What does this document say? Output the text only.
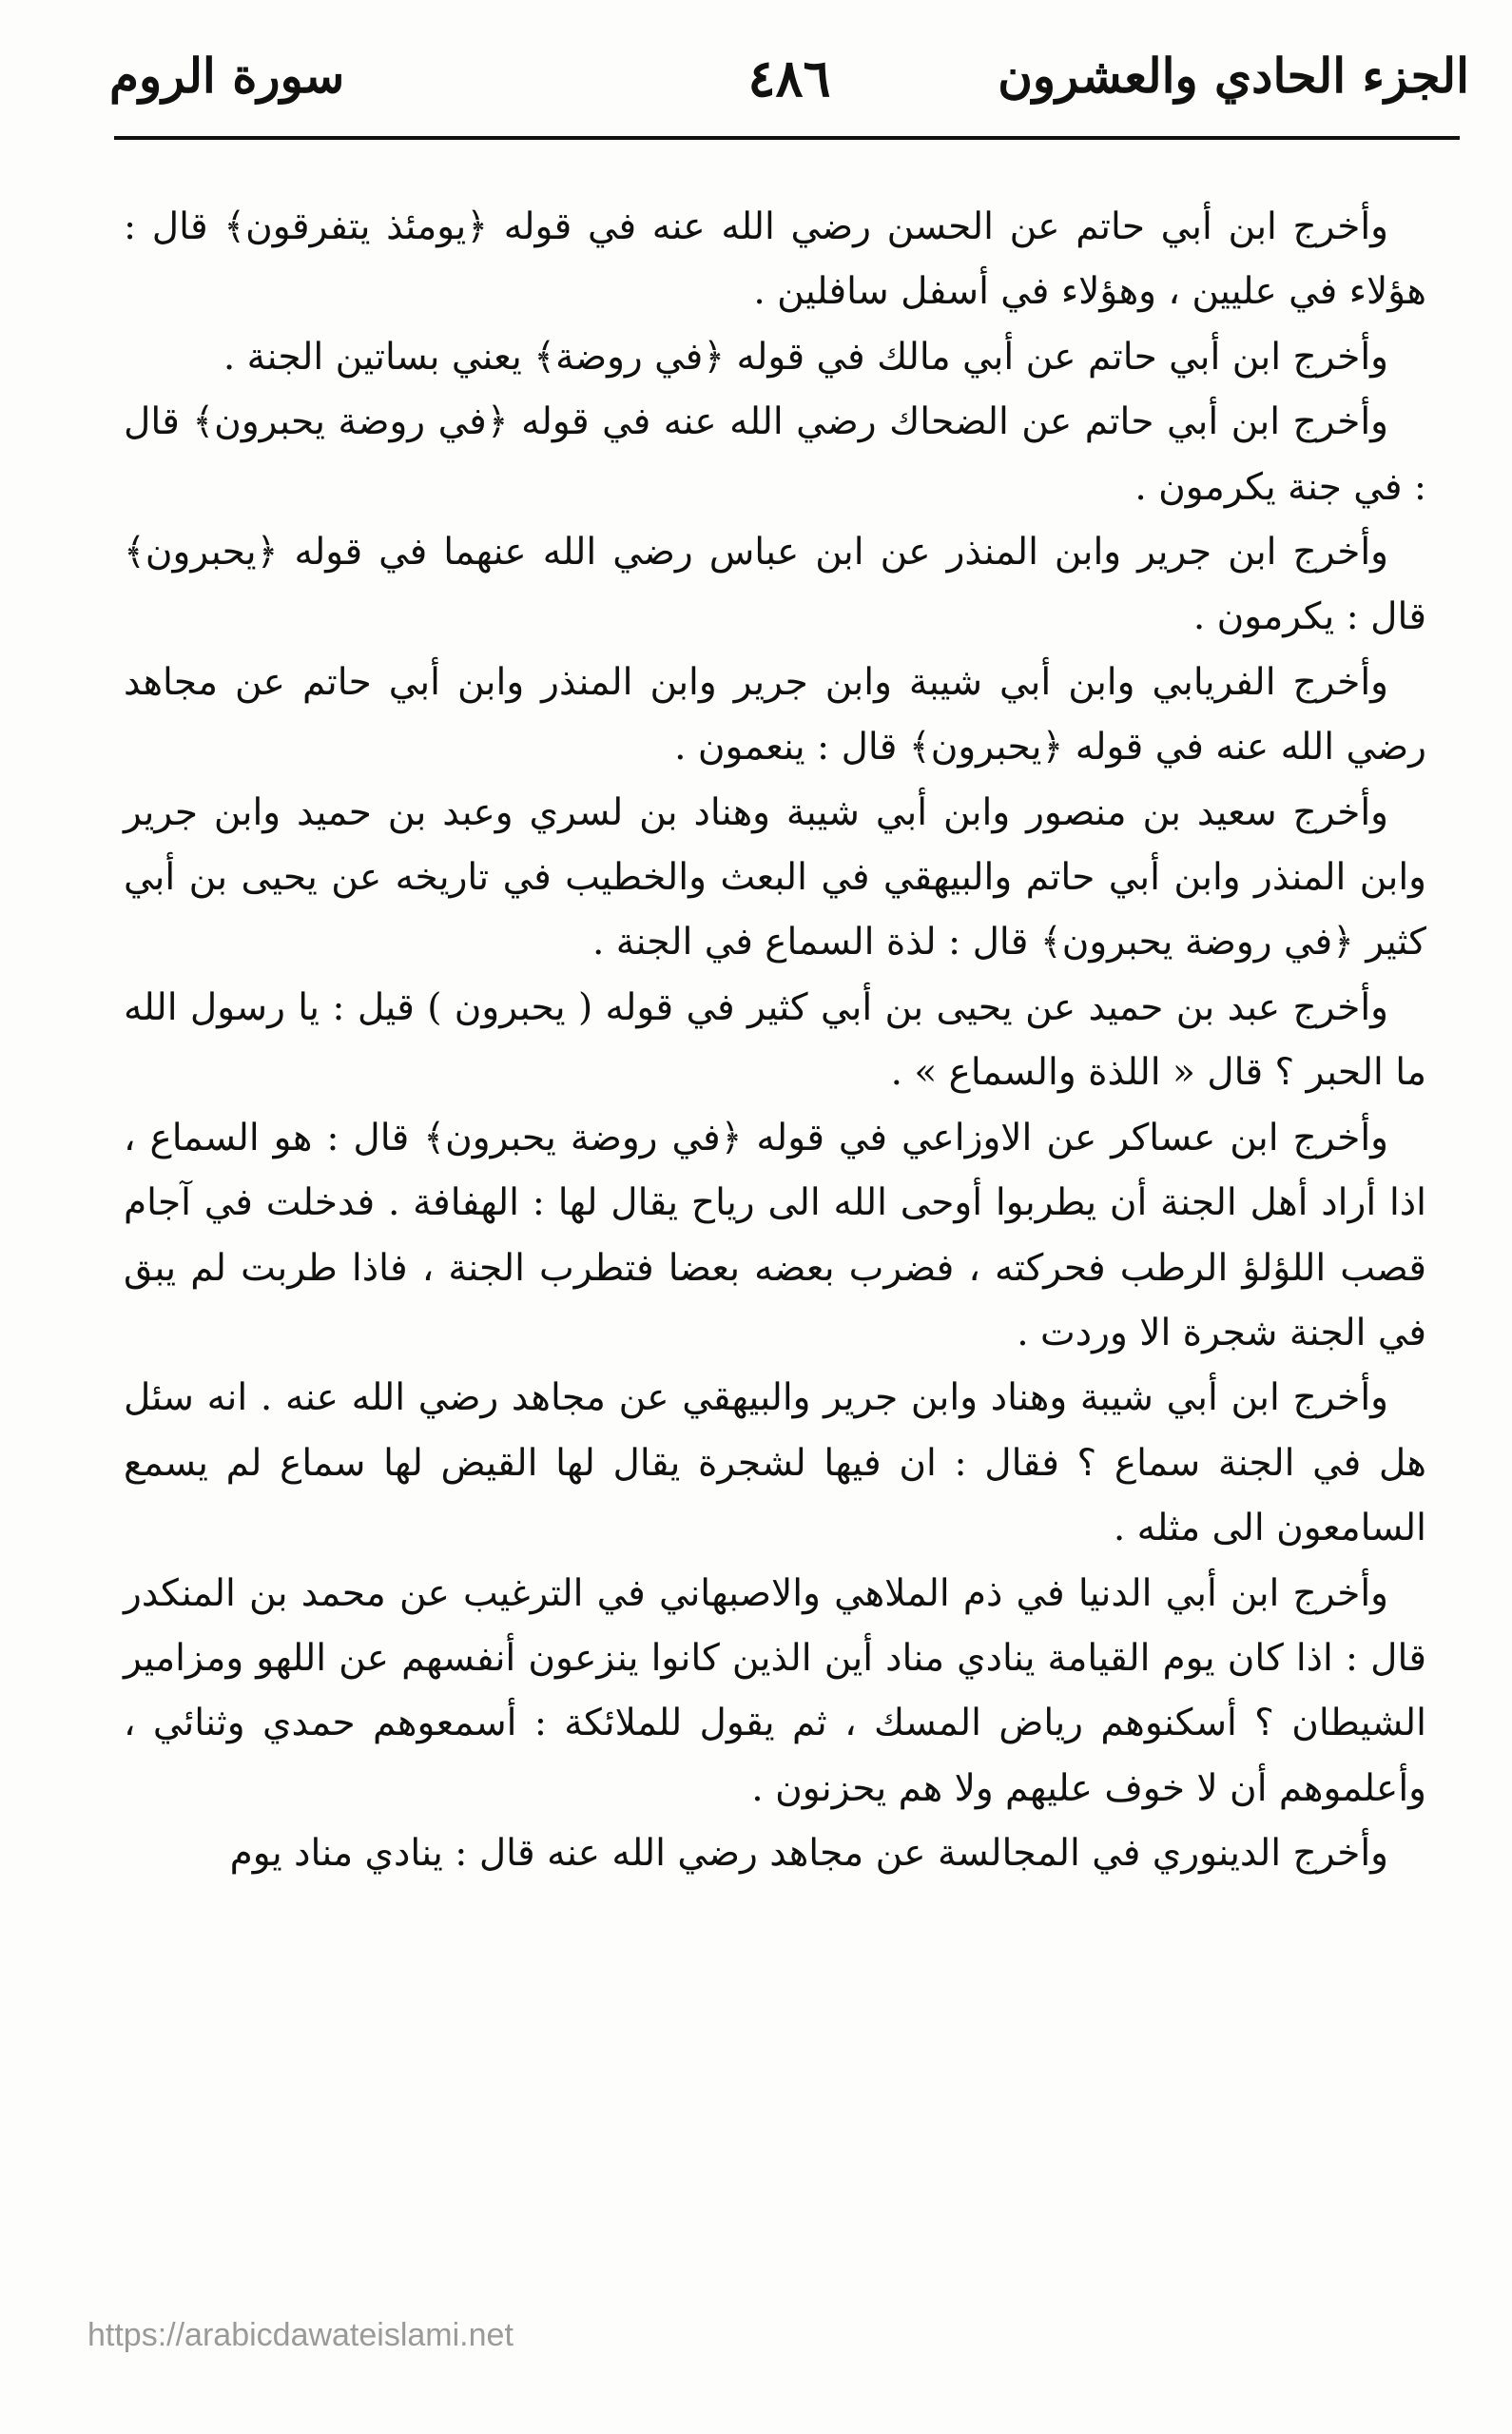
الجزء الحادي والعشرون
٤٨٦
سورة الروم

وأخرج ابن أبي حاتم عن الحسن رضي الله عنه في قوله ﴿يومئذ يتفرقون﴾ قال : هؤلاء في عليين ، وهؤلاء في أسفل سافلين .

وأخرج ابن أبي حاتم عن أبي مالك في قوله ﴿في روضة﴾ يعني بساتين الجنة .

وأخرج ابن أبي حاتم عن الضحاك رضي الله عنه في قوله ﴿في روضة يحبرون﴾ قال : في جنة يكرمون .

وأخرج ابن جرير وابن المنذر عن ابن عباس رضي الله عنهما في قوله ﴿يحبرون﴾ قال : يكرمون .

وأخرج الفريابي وابن أبي شيبة وابن جرير وابن المنذر وابن أبي حاتم عن مجاهد رضي الله عنه في قوله ﴿يحبرون﴾ قال : ينعمون .

وأخرج سعيد بن منصور وابن أبي شيبة وهناد بن لسري وعبد بن حميد وابن جرير وابن المنذر وابن أبي حاتم والبيهقي في البعث والخطيب في تاريخه عن يحيى بن أبي كثير ﴿في روضة يحبرون﴾ قال : لذة السماع في الجنة .

وأخرج عبد بن حميد عن يحيى بن أبي كثير في قوله ( يحبرون ) قيل : يا رسول الله ما الحبر ؟ قال « اللذة والسماع » .

وأخرج ابن عساكر عن الاوزاعي في قوله ﴿في روضة يحبرون﴾ قال : هو السماع ، اذا أراد أهل الجنة أن يطربوا أوحى الله الى رياح يقال لها : الهفافة . فدخلت في آجام قصب اللؤلؤ الرطب فحركته ، فضرب بعضه بعضا فتطرب الجنة ، فاذا طربت لم يبق في الجنة شجرة الا وردت .

وأخرج ابن أبي شيبة وهناد وابن جرير والبيهقي عن مجاهد رضي الله عنه . انه سئل هل في الجنة سماع ؟ فقال : ان فيها لشجرة يقال لها القيض لها سماع لم يسمع السامعون الى مثله .

وأخرج ابن أبي الدنيا في ذم الملاهي والاصبهاني في الترغيب عن محمد بن المنكدر قال : اذا كان يوم القيامة ينادي مناد أين الذين كانوا ينزعون أنفسهم عن اللهو ومزامير الشيطان ؟ أسكنوهم رياض المسك ، ثم يقول للملائكة : أسمعوهم حمدي وثنائي ، وأعلموهم أن لا خوف عليهم ولا هم يحزنون .

وأخرج الدينوري في المجالسة عن مجاهد رضي الله عنه قال : ينادي مناد يوم

https://arabicdawateislami.net
